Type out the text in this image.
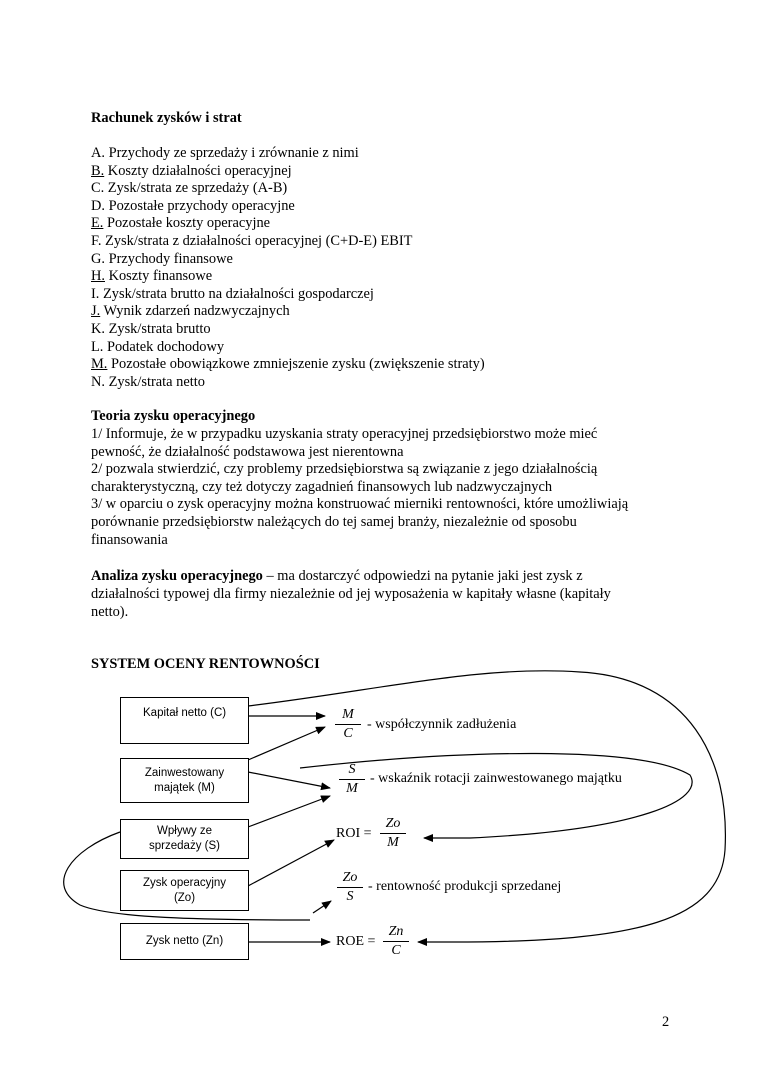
Rachunek zysków i strat
A. Przychody ze sprzedaży i zrównanie z nimi
B. Koszty działalności operacyjnej
C. Zysk/strata ze sprzedaży (A-B)
D. Pozostałe przychody operacyjne
E. Pozostałe koszty operacyjne
F. Zysk/strata z działalności operacyjnej (C+D-E) EBIT
G. Przychody finansowe
H. Koszty finansowe
I. Zysk/strata brutto na działalności gospodarczej
J. Wynik zdarzeń nadzwyczajnych
K. Zysk/strata brutto
L. Podatek dochodowy
M. Pozostałe obowiązkowe zmniejszenie zysku (zwiększenie straty)
N. Zysk/strata netto
Teoria zysku operacyjnego
1/ Informuje, że w przypadku uzyskania straty operacyjnej przedsiębiorstwo może mieć
pewność, że działalność podstawowa jest nierentowna
2/ pozwala stwierdzić, czy problemy przedsiębiorstwa są związanie z jego działalnością
charakterystyczną, czy też dotyczy zagadnień finansowych lub nadzwyczajnych
3/ w oparciu o zysk operacyjny można konstruować mierniki rentowności, które umożliwiają
porównanie przedsiębiorstw należących do tej samej branży, niezależnie od sposobu
finansowania
Analiza zysku operacyjnego – ma dostarczyć odpowiedzi na pytanie jaki jest zysk z
działalności typowej dla firmy niezależnie od jej wyposażenia w kapitały własne (kapitały
netto).
SYSTEM OCENY RENTOWNOŚCI
Kapitał netto (C)
Zainwestowany
majątek (M)
Wpływy ze
sprzedaży (S)
Zysk operacyjny
(Zo)
Zysk netto (Zn)
M
C
- współczynnik zadłużenia
S
M
- wskaźnik rotacji zainwestowanego majątku
ROI =
Zo
M
Zo
S
- rentowność produkcji sprzedanej
ROE =
Zn
C
2
